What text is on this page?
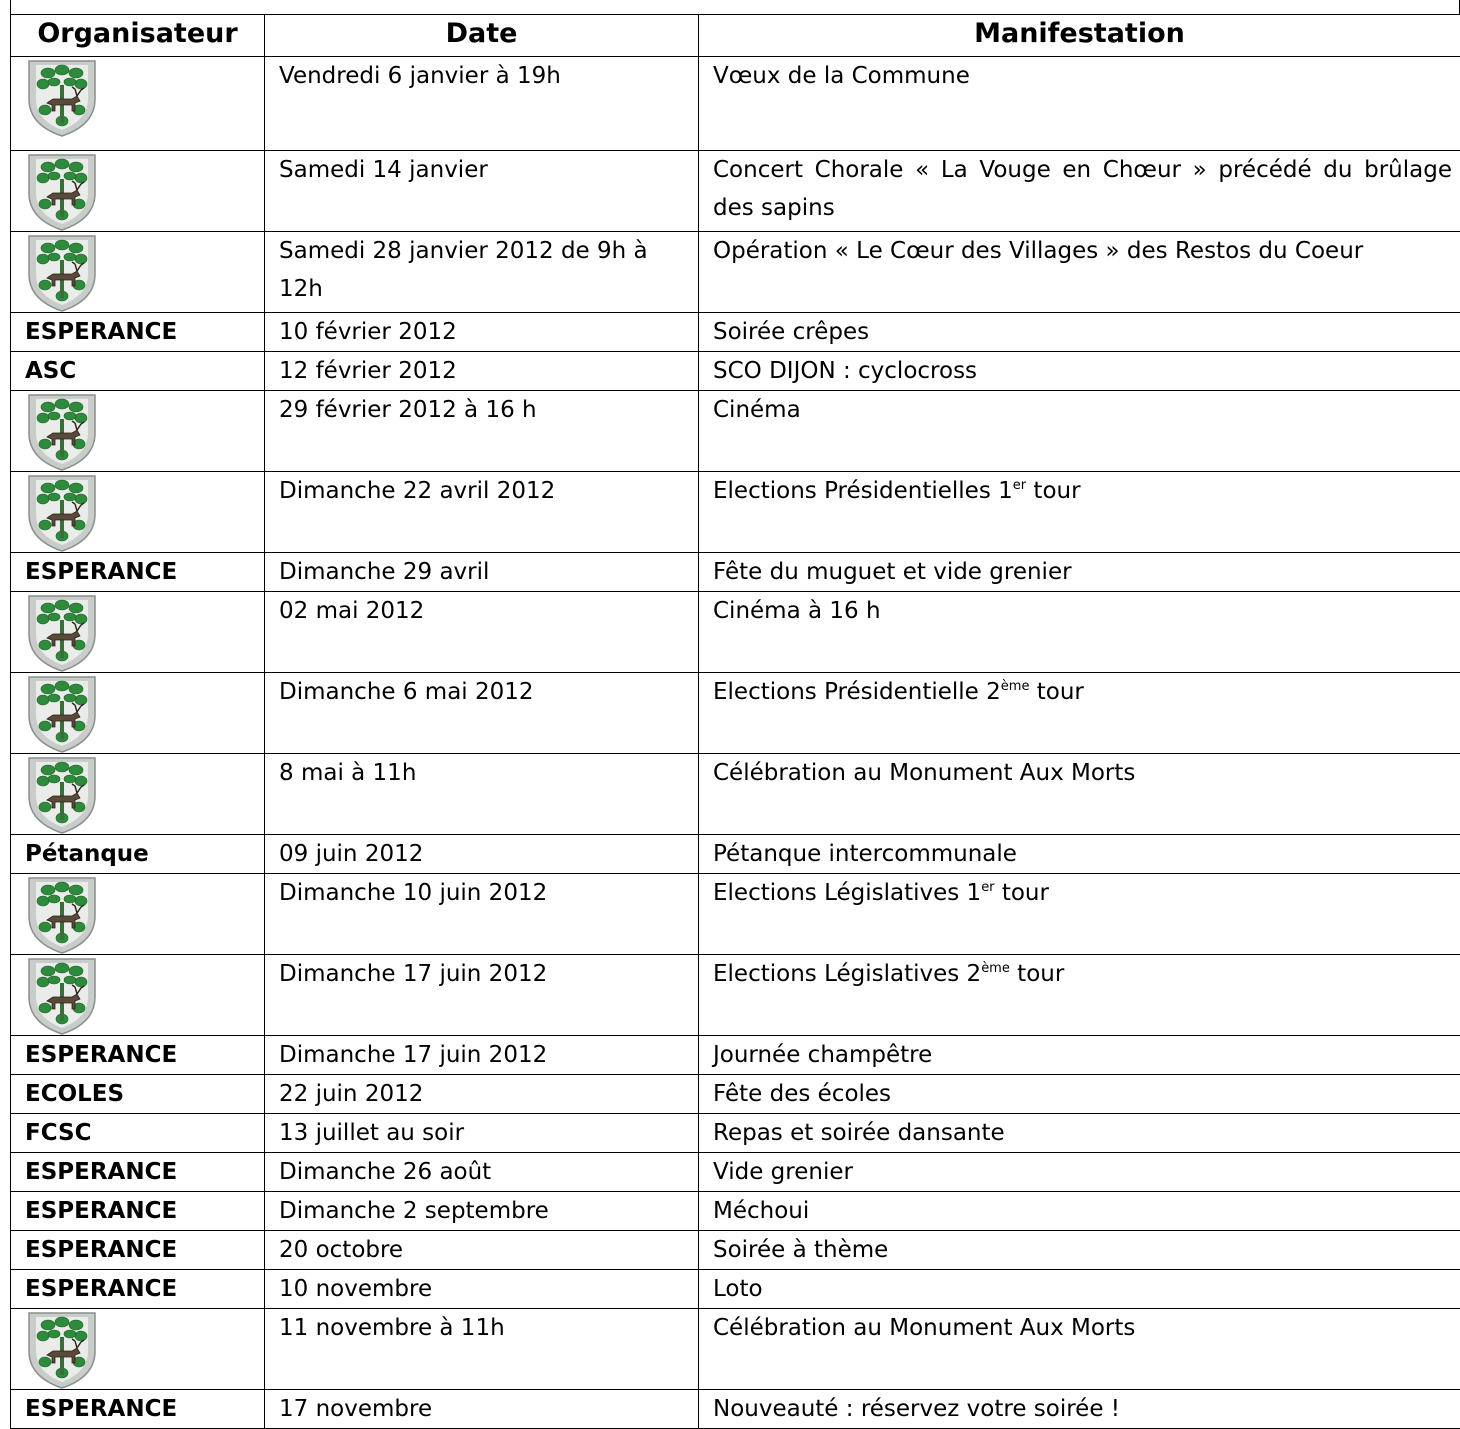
Organisateur	Date	Manifestation

	Vendredi 6 janvier à 19h	Vœux de la Commune

	Samedi 14 janvier	Concert Chorale « La Vouge en Chœur » précédé du brûlage des sapins

	Samedi 28 janvier 2012 de 9h à 12h	Opération « Le Cœur des Villages » des Restos du Coeur
ESPERANCE	10 février 2012	Soirée crêpes
ASC	12 février 2012	SCO DIJON : cyclocross

	29 février 2012 à 16 h	Cinéma

	Dimanche 22 avril 2012	Elections Présidentielles 1er tour
ESPERANCE	Dimanche 29 avril	Fête du muguet et vide grenier

	02 mai 2012	Cinéma à 16 h

	Dimanche 6 mai 2012	Elections Présidentielle 2ème tour

	8 mai à 11h	Célébration au Monument Aux Morts
Pétanque	09 juin 2012	Pétanque intercommunale

	Dimanche 10 juin 2012	Elections Législatives 1er tour

	Dimanche 17 juin 2012	Elections Législatives 2ème tour
ESPERANCE	Dimanche 17 juin 2012	Journée champêtre
ECOLES	22 juin 2012	Fête des écoles
FCSC	13 juillet au soir	Repas et soirée dansante
ESPERANCE	Dimanche 26 août	Vide grenier
ESPERANCE	Dimanche 2 septembre	Méchoui
ESPERANCE	20 octobre	Soirée à thème
ESPERANCE	10 novembre	Loto

	11 novembre à 11h	Célébration au Monument Aux Morts
ESPERANCE	17 novembre	Nouveauté : réservez votre soirée !
